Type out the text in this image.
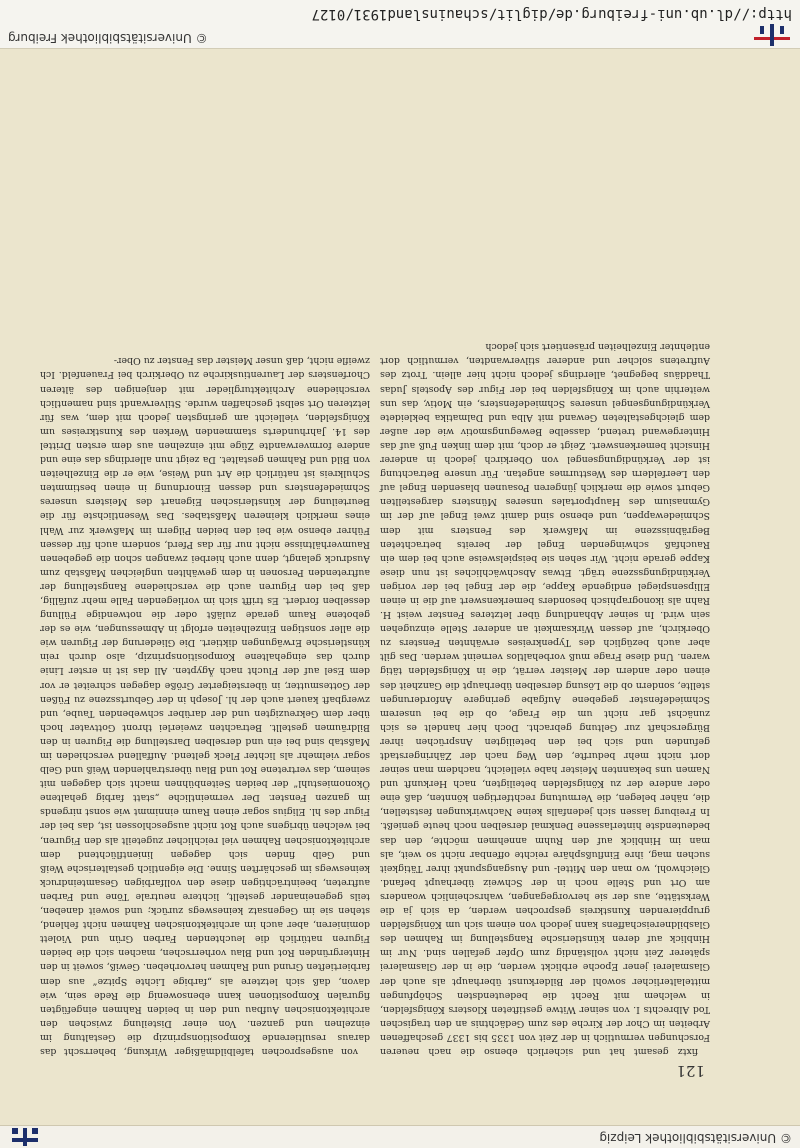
© Universitätsbibliothek Leipzig
121

fixtz gesamt hat und sicherlich ebenso die nach neueren Forschungen vermutlich in der Zeit von 1335 bis 1337 geschaffenen Arbeiten im Chor der Kirche des zum Gedächtnis an den tragischen Tod Albrechts I. von seiner Witwe gestifteten Klosters Königsfelden, in welchem mit Recht die bedeutendsten Schöpfungen mittelalterlicher sowohl der Bilderkunst überhaupt als auch der Glasmalerei jener Epoche erblickt werden, die in der Glasmalerei späterer Zeit nicht vollständig zum Opfer gefallen sind. Nur im Hinblick auf deren künstlerische Rangstellung im Rahmen des Glasbildnereischaffens kann jedoch von einem sich um Königsfelden gruppierenden Kunstkreis gesprochen werden, da sich ja die Werkstätte, aus der sie hervorgegangen, wahrscheinlich woanders am Ort und Stelle noch in der Schweiz überhaupt befand. Gleichwohl, wo man den Mittel- und Ausgangspunkt ihrer Tätigkeit suchen mag, ihre Einflußsphäre reichte offenbar nicht so weit, als man im Hinblick auf den Ruhm annehmen möchte, den das bedeutendste hinterlassene Denkmal derselben noch heute genießt. In Freiburg lassen sich jedenfalls keine Nachwirkungen feststellen, die, näher belegen, die Vermutung rechtfertigen könnten, daß eine oder andere der zu Königsfelden beteiligten, nach Herkunft und Namen uns bekannten Meister habe vielleicht, nachdem man seiner dort nicht mehr bedurfte, den Weg nach der Zähringerstadt gefunden und sich bei den beteiligten Ansprüchen ihrer Bürgerschaft zur Geltung gebracht. Doch hier handelt es sich zunächst gar nicht um die Frage, ob die bei unserem Schmiedefenster gegebene Aufgabe geringere Anforderungen stellte, sondern ob die Lösung derselben überhaupt die Ganzheit des einen oder andern der Meister verrät, die in Königsfelden tätig waren. Und diese Frage muß vorbehaltlos verneint werden. Das gilt aber auch bezüglich des Typenkreises erwähnten Fensters zu Oberkirch, auf dessen Wirksamkeit an anderer Stelle einzugehen sein wird. In seiner Abhandlung über letzteres Fenster weist H. Rahn als ikonographisch besonders bemerkenswert auf die in einen Ellipsenspiegel endigende Kappe, die der Engel bei der vorigen Verkündigungsszene trägt. Etwas Abschwächliches ist nun diese Kappe gerade nicht. Wir sehen sie beispielsweise auch bei dem ein Rauchfaß schwingenden Engel der bereits betrachteten Begräbnisszene im Maßwerk des Fensters mit dem Schmiedewappen, und ebenso sind damit zwei Engel auf der im Gymnasium des Hauptportales unseres Münsters dargestellten Geburt sowie die merklich jüngeren Posaunen blasenden Engel auf den Leerfeldern des Westturmes angetan. Für unsere Betrachtung ist der Verkündigungsengel von Oberkirch jedoch in anderer Hinsicht bemerkenswert. Zeigt er doch, mit dem linken Fuß auf das Hintergewand tretend, dasselbe Bewegungsmotiv wie der außer dem gleichgestalteten Gewand mit Alba und Dalmatika bekleidete Verkündigungsengel unseres Schmiedefensters, ein Motiv, das uns weiterhin auch im Königsfelden bei der Figur des Apostels Judas Thaddäus begegnet, allerdings jedoch nicht hier allein. Trotz des Auftretens solcher und anderer stilverwandten, vermutlich dort entlehnter Einzelheiten präsentiert sich jedoch

von ausgesprochen tafelbildmäßiger Wirkung, beherrscht das daraus resultierende Kompositionsprinzip die Gestaltung im einzelnen und ganzen. Von einer Disteilung zwischen den architektonischen Aufbau und den in beiden Rahmen eingefügten figuralen Kompositionen kann ebensowenig die Rede sein, wie davon, daß sich letztere als „farbige Lichte Spitze“ aus dem farbiertieften Grund und Rahmen hervorheben. Gewiß, soweit in den Hintergründen Rot und Blau vorherrschen, machen sich die beiden Figuren natürlich die leuchtenden Farben Grün und Violett dominieren, aber auch im architektonischen Rahmen nicht fehlend, stehen sie im Gegensatz keineswegs zurück; und soweit daneben, teils gegeneinander gestellt, lichtere neutrale Töne und Farben auftreten, beeinträchtigen diese den vollfarbigen Gesamteindruck keineswegs im geschärften Sinne. Die eigentlich gestalterische Weiß und Gelb finden sich dagegen linientflüchtend dem architektonischen Rahmen viel reichlicher zugeteilt als den Figuren, bei welchen übrigens auch Rot nicht ausgeschlossen ist, das bei der Figur des hl. Eligius sogar einen Raum einnimmt wie sonst nirgends im ganzen Fenster. Der vermeintliche „statt farbig gehaltene Ökonomiestuhl“ der beiden Seitenbühnen macht sich dagegen mit seinem, das vertretene Rot und Blau überstrahlenden Weiß und Gelb sogar vielmehr als lichter Fleck geltend. Auffallend verschieden im Maßstab sind bei ein und derselben Darstellung die Figuren in den Bildräumen gestellt. Betrachten zweierlei thront Gottvater hoch über dem Gekreuzigten und der darüber schwebenden Taube, und zwergbaft kauert auch der hl. Joseph in der Geburtsszene zu Füßen der Gottesmutter, in übersteigerter Größe dagegen schreitet er vor dem Esel auf der Flucht nach Ägypten. All das ist in erster Linie durch das eingehaltene Kompositionsprinzip, also durch rein künstlerische Erwägungen diktiert. Die Gliederung der Figuren wie die aller sonstigen Einzelheiten erfolgt in Abmessungen, wie es der gebotene Raum gerade zuläßt oder die notwendige Füllung desselben fordert. Es trifft sich im vorliegenden Falle mehr zufällig, daß bei den Figuren auch die verschiedene Rangstellung der auftretenden Personen in dem gewählten ungleichen Maßstab zum Ausdruck gelangt, denn auch hierbei zwangen schon die gegebenen Raumverhältnisse nicht nur für das Pferd, sondern auch für dessen Führer ebenso wie bei den beiden Pilgern im Maßwerk zur Wahl eines merklich kleineren Maßstabes. Das Wesentlichste für die Beurteilung der künstlerischen Eigenart des Meisters unseres Schmiedefensters und dessen Einordnung in einen bestimmten Schulkreis ist natürlich die Art und Weise, wie er die Einzelheiten von Bild und Rahmen gestaltet. Da zeigt nun allerdings das eine und andere formverwandte Züge mit einzelnen aus dem ersten Drittel des 14. Jahrhunderts stammenden Werken des Kunstkreises um Königsfelden, vielleicht am geringsten jedoch mit dem, was für letzteren Ort selbst geschaffen wurde. Stilverwandt sind namentlich verschiedene Architekturglieder mit denjenigen des älteren Chorfensters der Laurentiuskirche zu Oberkirch bei Frauenfeld. Ich zweifle nicht, daß unser Meister das Fenster zu Ober-

© Universitätsbibliothek Freiburg
http://dl.ub.uni-freiburg.de/diglit/schauinsland1931/0127
